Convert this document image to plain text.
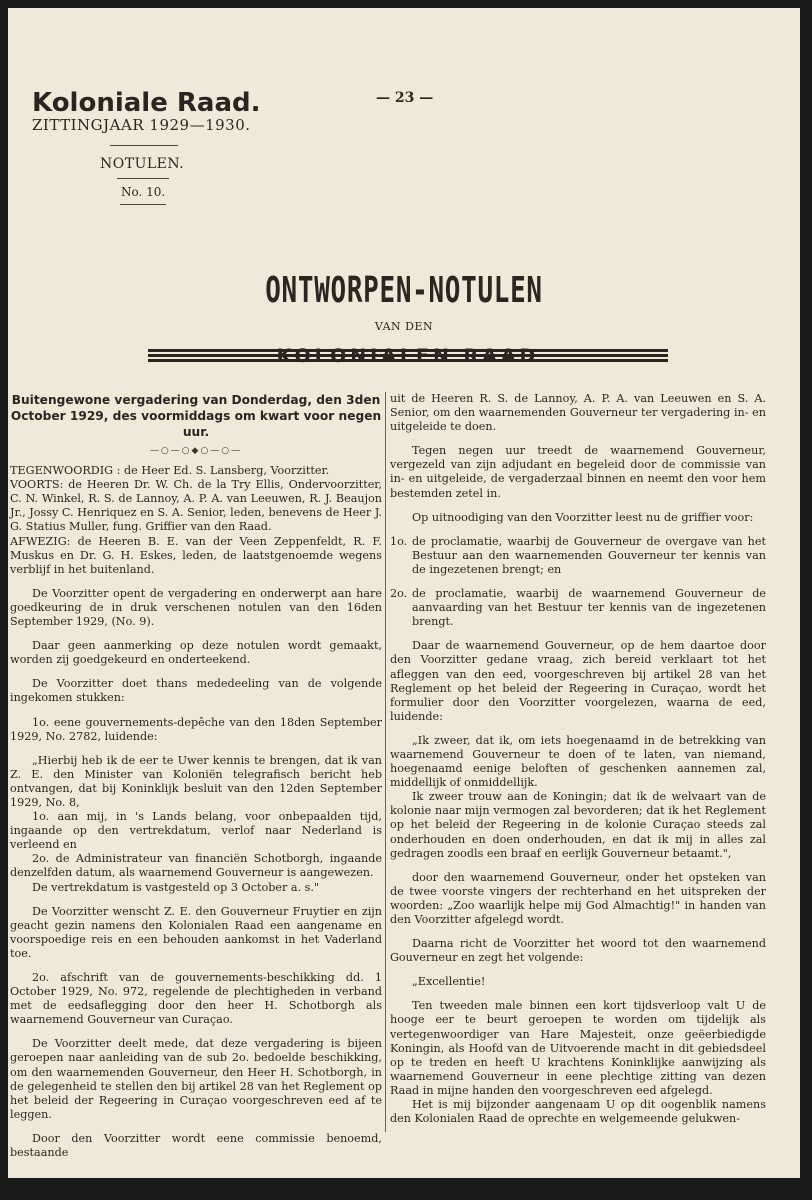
Koloniale Raad.
ZITTINGJAAR 1929—1930.
NOTULEN.
No. 10.
— 23 —
ONTWORPEN-NOTULEN
VAN DEN
KOLONIALEN RAAD
Buitengewone vergadering van Donderdag, den 3den October 1929, des voormiddags om kwart voor negen uur.
—○—○◆○—○—

TEGENWOORDIG : de Heer Ed. S. Lansberg, Voorzitter.

VOORTS: de Heeren Dr. W. Ch. de la Try Ellis, Ondervoorzitter, C. N. Winkel, R. S. de Lannoy, A. P. A. van Leeuwen, R. J. Beaujon Jr., Jossy C. Henriquez en S. A. Senior, leden, benevens de Heer J. G. Statius Muller, fung. Griffier van den Raad.

AFWEZIG: de Heeren B. E. van der Veen Zeppenfeldt, R. F. Muskus en Dr. G. H. Eskes, leden, de laatstgenoemde wegens verblijf in het buitenland.

De Voorzitter opent de vergadering en onderwerpt aan hare goedkeuring de in druk verschenen notulen van den 16den September 1929, (No. 9).

Daar geen aanmerking op deze notulen wordt gemaakt, worden zij goedgekeurd en onderteekend.

De Voorzitter doet thans mededeeling van de volgende ingekomen stukken:

1o. eene gouvernements-depêche van den 18den September 1929, No. 2782, luidende:

„Hierbij heb ik de eer te Uwer kennis te brengen, dat ik van Z. E. den Minister van Koloniën telegrafisch bericht heb ontvangen, dat bij Koninklijk besluit van den 12den September 1929, No. 8,

1o. aan mij, in 's Lands belang, voor onbepaalden tijd, ingaande op den vertrekdatum, verlof naar Nederland is verleend en

2o. de Administrateur van financiën Schotborgh, ingaande denzelfden datum, als waarnemend Gouverneur is aangewezen.

De vertrekdatum is vastgesteld op 3 October a. s."

De Voorzitter wenscht Z. E. den Gouverneur Fruytier en zijn geacht gezin namens den Kolonialen Raad een aangename en voorspoedige reis en een behouden aankomst in het Vaderland toe.

2o. afschrift van de gouvernements-beschikking dd. 1 October 1929, No. 972, regelende de plechtigheden in verband met de eedsaflegging door den heer H. Schotborgh als waarnemend Gouverneur van Curaçao.

De Voorzitter deelt mede, dat deze vergadering is bijeen geroepen naar aanleiding van de sub 2o. bedoelde beschikking, om den waarnemenden Gouverneur, den Heer H. Schotborgh, in de gelegenheid te stellen den bij artikel 28 van het Reglement op het beleid der Regeering in Curaçao voorgeschreven eed af te leggen.

Door den Voorzitter wordt eene commissie benoemd, bestaande

uit de Heeren R. S. de Lannoy, A. P. A. van Leeuwen en S. A. Senior, om den waarnemenden Gouverneur ter vergadering in- en uitgeleide te doen.

Tegen negen uur treedt de waarnemend Gouverneur, vergezeld van zijn adjudant en begeleid door de commissie van in- en uitgeleide, de vergaderzaal binnen en neemt den voor hem bestemden zetel in.

Op uitnoodiging van den Voorzitter leest nu de griffier voor:

1o. de proclamatie, waarbij de Gouverneur de overgave van het Bestuur aan den waarnemenden Gouverneur ter kennis van de ingezetenen brengt; en

2o. de proclamatie, waarbij de waarnemend Gouverneur de aanvaarding van het Bestuur ter kennis van de ingezetenen brengt.

Daar de waarnemend Gouverneur, op de hem daartoe door den Voorzitter gedane vraag, zich bereid verklaart tot het afleggen van den eed, voorgeschreven bij artikel 28 van het Reglement op het beleid der Regeering in Curaçao, wordt het formulier door den Voorzitter voorgelezen, waarna de eed, luidende:

„Ik zweer, dat ik, om iets hoegenaamd in de betrekking van waarnemend Gouverneur te doen of te laten, van niemand, hoegenaamd eenige beloften of geschenken aannemen zal, middellijk of onmiddellijk.

Ik zweer trouw aan de Koningin; dat ik de welvaart van de kolonie naar mijn vermogen zal bevorderen; dat ik het Reglement op het beleid der Regeering in de kolonie Curaçao steeds zal onderhouden en doen onderhouden, en dat ik mij in alles zal gedragen zoodls een braaf en eerlijk Gouverneur betaamt.",

door den waarnemend Gouverneur, onder het opsteken van de twee voorste vingers der rechterhand en het uitspreken der woorden: „Zoo waarlijk helpe mij God Almachtig!" in handen van den Voorzitter afgelegd wordt.

Daarna richt de Voorzitter het woord tot den waarnemend Gouverneur en zegt het volgende:

„Excellentie!

Ten tweeden male binnen een kort tijdsverloop valt U de hooge eer te beurt geroepen te worden om tijdelijk als vertegenwoordiger van Hare Majesteit, onze geëerbiedigde Koningin, als Hoofd van de Uitvoerende macht in dit gebiedsdeel op te treden en heeft U krachtens Koninklijke aanwijzing als waarnemend Gouverneur in eene plechtige zitting van dezen Raad in mijne handen den voorgeschreven eed afgelegd.

Het is mij bijzonder aangenaam U op dit oogenblik namens den Kolonialen Raad de oprechte en welgemeende gelukwen-
